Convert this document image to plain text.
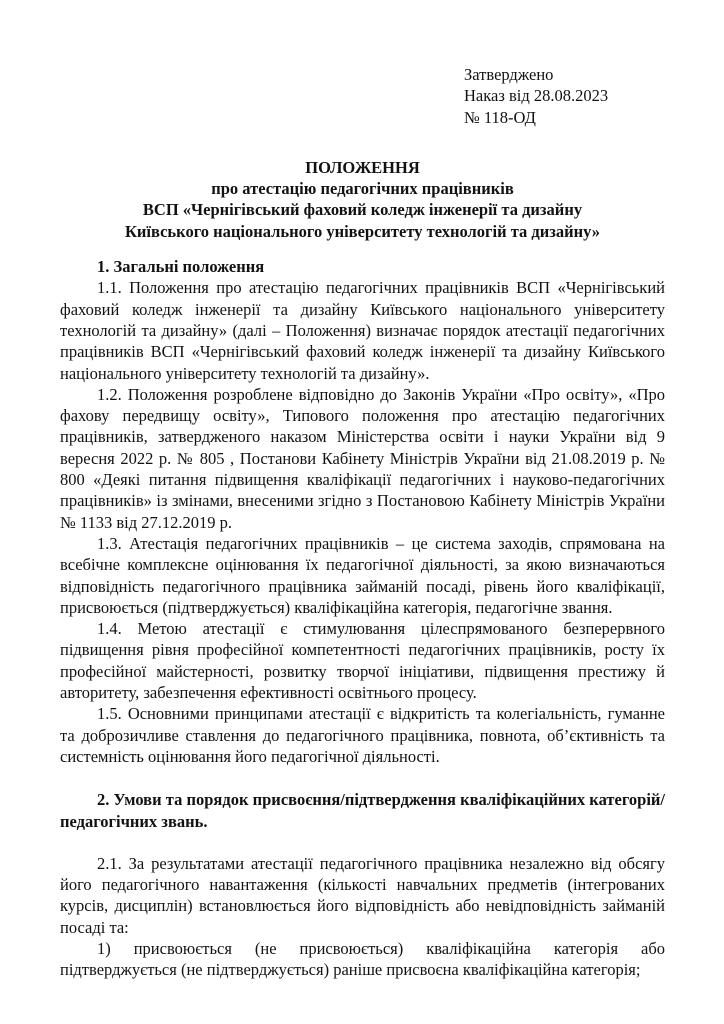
Затверджено
Наказ від 28.08.2023
№ 118-ОД
ПОЛОЖЕННЯ
про атестацію педагогічних працівників
ВСП «Чернігівський фаховий коледж інженерії та дизайну
Київського національного університету технологій та дизайну»

1. Загальні положення

1.1. Положення про атестацію педагогічних працівників ВСП «Чернігівський фаховий коледж інженерії та дизайну Київського національного університету технологій та дизайну» (далі – Положення) визначає порядок атестації педагогічних працівників ВСП «Чернігівський фаховий коледж інженерії та дизайну Київського національного університету технологій та дизайну».

1.2. Положення розроблене відповідно до Законів України «Про освіту», «Про фахову передвищу освіту», Типового положення про атестацію педагогічних працівників, затвердженого наказом Міністерства освіти і науки України від 9 вересня 2022 р. № 805 , Постанови Кабінету Міністрів України від 21.08.2019 р. № 800 «Деякі питання підвищення кваліфікації педагогічних і науково-педагогічних працівників» із змінами, внесеними згідно з Постановою Кабінету Міністрів України № 1133 від 27.12.2019 р.

1.3. Атестація педагогічних працівників – це система заходів, спрямована на всебічне комплексне оцінювання їх педагогічної діяльності, за якою визначаються відповідність педагогічного працівника займаній посаді, рівень його кваліфікації, присвоюється (підтверджується) кваліфікаційна категорія, педагогічне звання.

1.4. Метою атестації є стимулювання цілеспрямованого безперервного підвищення рівня професійної компетентності педагогічних працівників, росту їх професійної майстерності, розвитку творчої ініціативи, підвищення престижу й авторитету, забезпечення ефективності освітнього процесу.

1.5. Основними принципами атестації є відкритість та колегіальність, гуманне та доброзичливе ставлення до педагогічного працівника, повнота, об’єктивність та системність оцінювання його педагогічної діяльності.

2. Умови та порядок присвоєння/підтвердження кваліфікаційних категорій/педагогічних звань.

2.1. За результатами атестації педагогічного працівника незалежно від обсягу його педагогічного навантаження (кількості навчальних предметів (інтегрованих курсів, дисциплін) встановлюється його відповідність або невідповідність займаній посаді та:

1) присвоюється (не присвоюється) кваліфікаційна категорія або підтверджується (не підтверджується) раніше присвоєна кваліфікаційна категорія;
